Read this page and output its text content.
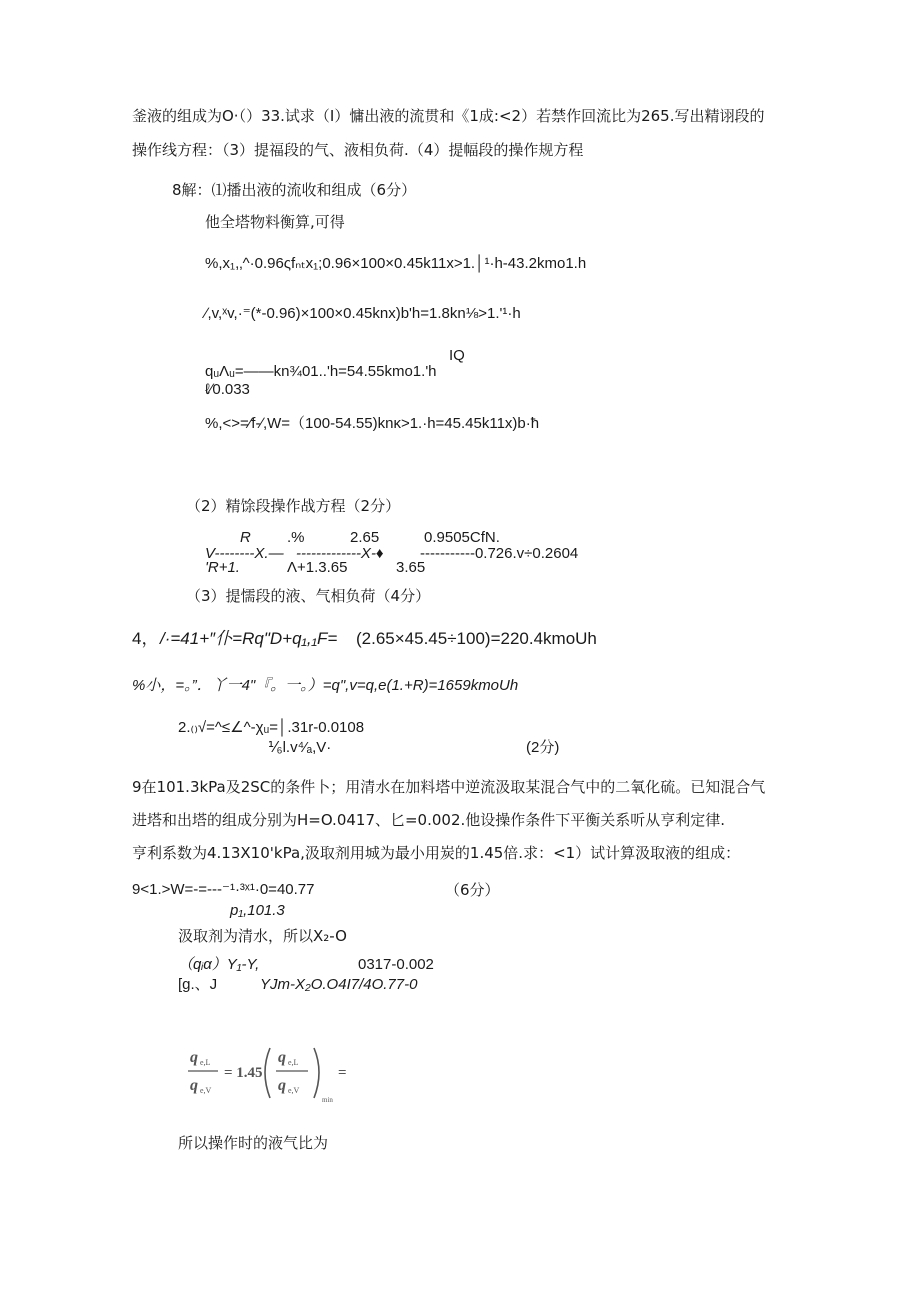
釜液的组成为O·（）33.试求（I）慵出液的流贯和《1成:<2）若禁作回流比为265.写出精诩段的
操作线方程：（3）提福段的气、液相负荷.（4）提幅段的操作规方程
8解：⑴播出液的流收和组成（6分）
他全塔物料衡算,可得
%,x₁,‚^·0.96ςfₙₜx₁;0.96×100×0.45k11x>1.│¹·h-43.2kmo1.h
∕,v,ˣv,·⁼(*-0.96)×100×0.45knx)b'h=1.8kn⅛>1.'¹·h
IQ
qᵤΛᵤ=——kn¾01..'h=54.55kmo1.'h
ℓ∕0.033
%,<>=∕f-∕,W=（100-54.55)knκ>1.·h=45.45k11x)b·ħ
（2）精馀段操作战方程（2分）
R .%	2.65	0.9505CfN.
V--------X.— -------------X-♦ -----------0.726.v÷0.2604
'R+1.	Λ+1.3.65	3.65
（3）提懦段的液、气相负荷（4分）
4， /·=41+″仆=Rq"D+q₁,₁F= (2.65×45.45÷100)=220.4kmoUh
%小，=。”．丫一4"『。一。）=q",v=q,e(1.+R)=1659kmoUh
2.₍₎√=^≤∠^-χᵤ=│.31r-0.0108
⅟₆l.v⁴⁄ₐ,V·	(2分)
9在101.3kPa及2SC的条件卜；用清水在加料塔中逆流汲取某混合气中的二氧化硫。已知混合气
进塔和出塔的组成分别为H=O.0417、匕=0.002.他设操作条件下平衡关系听从亨利定律.
亨利系数为4.13X10'kPa,汲取剂用城为最小用炭的1.45倍.求：<1）试计算汲取液的组成：
9<1.>W=-=---⁻¹·³ˣ¹·0=40.77	（6分）
p₁,101.3
汲取剂为清水，所以X₂-O
（qᵢα）Y₁-Y,	0317-0.002
[g.、J	YJm-X₂O.O4I7/4O.77-0
q e,L
q e,V
= 1.45
q e,L
q e,V
min
=
所以操作时的液气比为
